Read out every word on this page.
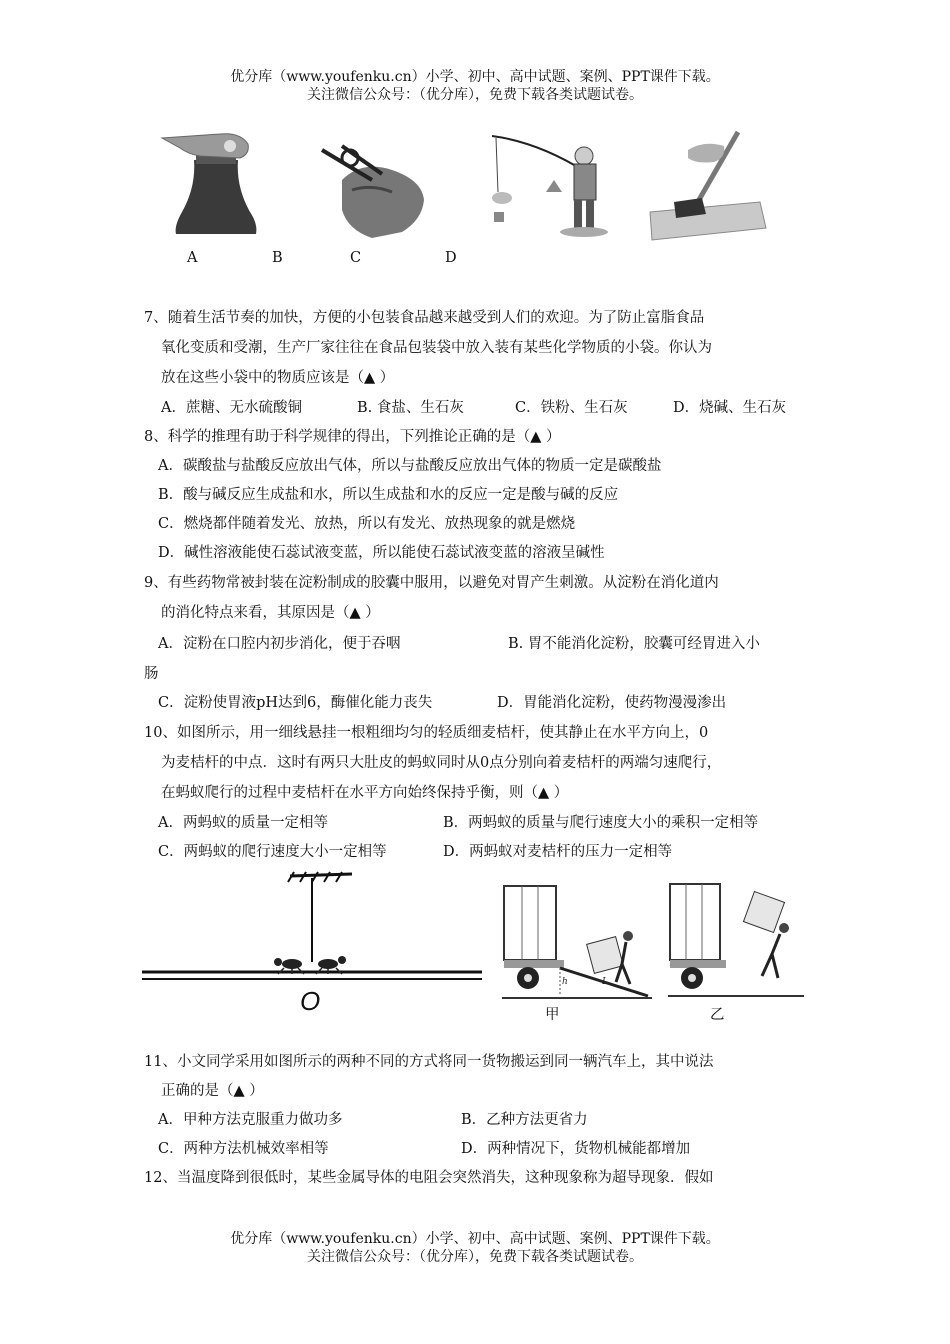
优分库（www.youfenku.cn）小学、初中、高中试题、案例、PPT课件下载。
关注微信公众号：（优分库），免费下载各类试题试卷。
A	B	C	D
7、随着生活节奏的加快，方便的小包装食品越来越受到人们的欢迎。为了防止富脂食品
氧化变质和受潮，生产厂家往往在食品包装袋中放入装有某些化学物质的小袋。你认为
放在这些小袋中的物质应该是（▲ ）
A．蔗糖、无水硫酸铜	B. 食盐、生石灰	C．铁粉、生石灰	D．烧碱、生石灰
8、科学的推理有助于科学规律的得出，下列推论正确的是（▲ ）
A．碳酸盐与盐酸反应放出气体，所以与盐酸反应放出气体的物质一定是碳酸盐
B．酸与碱反应生成盐和水，所以生成盐和水的反应一定是酸与碱的反应
C．燃烧都伴随着发光、放热，所以有发光、放热现象的就是燃烧
D．碱性溶液能使石蕊试液变蓝，所以能使石蕊试液变蓝的溶液呈碱性
9、有些药物常被封装在淀粉制成的胶囊中服用，以避免对胃产生刺激。从淀粉在消化道内
的消化特点来看，其原因是（▲ ）
A．淀粉在口腔内初步消化，便于吞咽	B. 胃不能消化淀粉，胶囊可经胃进入小
肠
C．淀粉使胃液pH达到6，酶催化能力丧失	D．胃能消化淀粉，使药物漫漫渗出
10、如图所示，用一细线悬挂一根粗细均匀的轻质细麦桔杆，使其静止在水平方向上，0
为麦桔杆的中点．这时有两只大肚皮的蚂蚁同时从0点分别向着麦桔杆的两端匀速爬行，
在蚂蚁爬行的过程中麦桔杆在水平方向始终保持乎衡，则（▲ ）
A．两蚂蚁的质量一定相等	B．两蚂蚁的质量与爬行速度大小的乘积一定相等
C．两蚂蚁的爬行速度大小一定相等	D．两蚂蚁对麦桔杆的压力一定相等
O
h	L
甲	乙
11、小文同学采用如图所示的两种不同的方式将同一货物搬运到同一辆汽车上，其中说法
正确的是（▲ ）
A．甲种方法克服重力做功多	B．乙种方法更省力
C．两种方法机械效率相等	D．两种情况下，货物机械能都增加
12、当温度降到很低时，某些金属导体的电阻会突然消失，这种现象称为超导现象．假如
优分库（www.youfenku.cn）小学、初中、高中试题、案例、PPT课件下载。
关注微信公众号：（优分库），免费下载各类试题试卷。
